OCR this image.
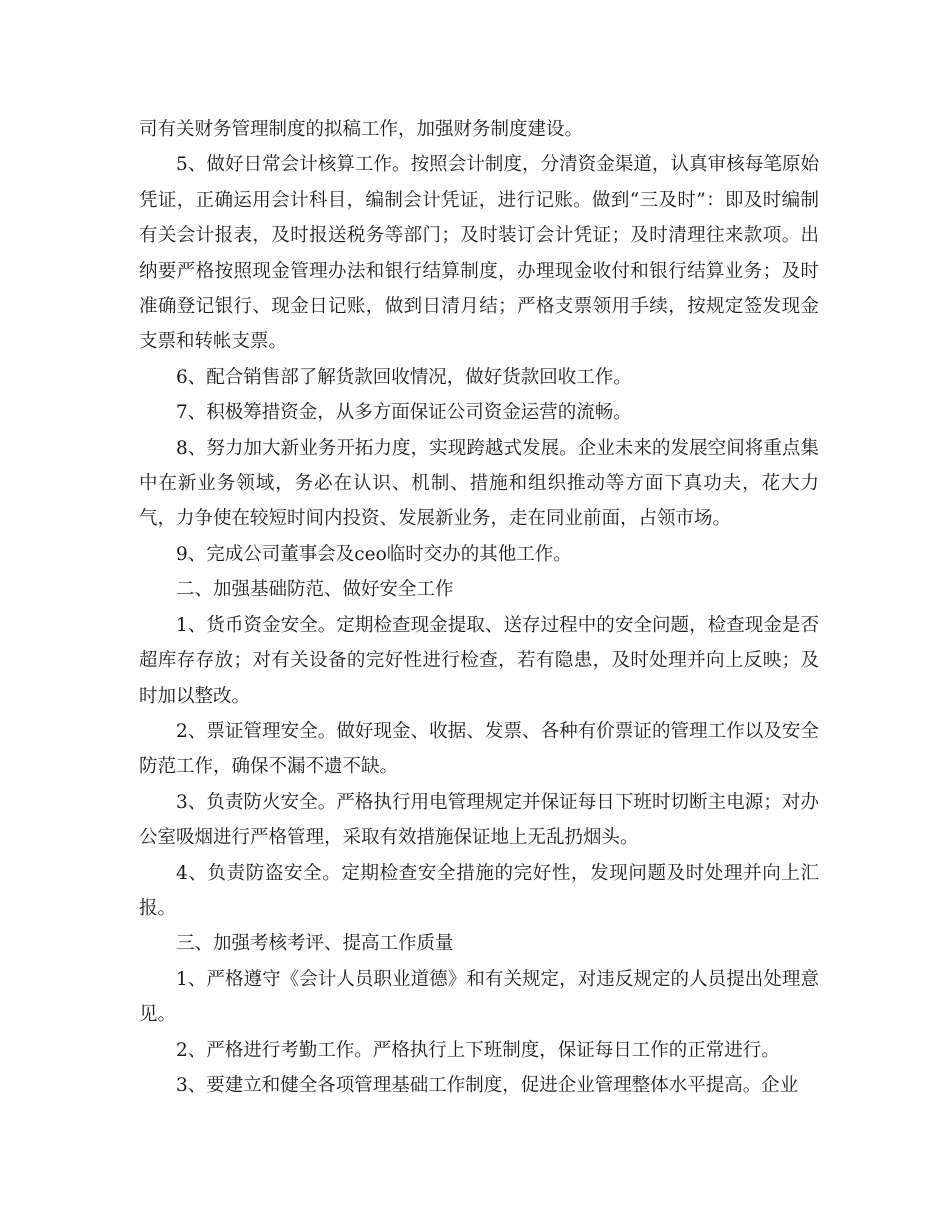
司有关财务管理制度的拟稿工作，加强财务制度建设。

5、做好日常会计核算工作。按照会计制度，分清资金渠道，认真审核每笔原始凭证，正确运用会计科目，编制会计凭证，进行记账。做到“三及时”：即及时编制有关会计报表，及时报送税务等部门；及时装订会计凭证；及时清理往来款项。出纳要严格按照现金管理办法和银行结算制度，办理现金收付和银行结算业务；及时准确登记银行、现金日记账，做到日清月结；严格支票领用手续，按规定签发现金支票和转帐支票。

6、配合销售部了解货款回收情况，做好货款回收工作。

7、积极筹措资金，从多方面保证公司资金运营的流畅。

8、努力加大新业务开拓力度，实现跨越式发展。企业未来的发展空间将重点集中在新业务领域，务必在认识、机制、措施和组织推动等方面下真功夫，花大力气，力争使在较短时间内投资、发展新业务，走在同业前面，占领市场。

9、完成公司董事会及ceo临时交办的其他工作。

二、加强基础防范、做好安全工作

1、货币资金安全。定期检查现金提取、送存过程中的安全问题，检查现金是否超库存存放；对有关设备的完好性进行检查，若有隐患，及时处理并向上反映；及时加以整改。

2、票证管理安全。做好现金、收据、发票、各种有价票证的管理工作以及安全防范工作，确保不漏不遗不缺。

3、负责防火安全。严格执行用电管理规定并保证每日下班时切断主电源；对办公室吸烟进行严格管理，采取有效措施保证地上无乱扔烟头。

4、负责防盗安全。定期检查安全措施的完好性，发现问题及时处理并向上汇报。

三、加强考核考评、提高工作质量

1、严格遵守《会计人员职业道德》和有关规定，对违反规定的人员提出处理意见。

2、严格进行考勤工作。严格执行上下班制度，保证每日工作的正常进行。

3、要建立和健全各项管理基础工作制度，促进企业管理整体水平提高。企业
